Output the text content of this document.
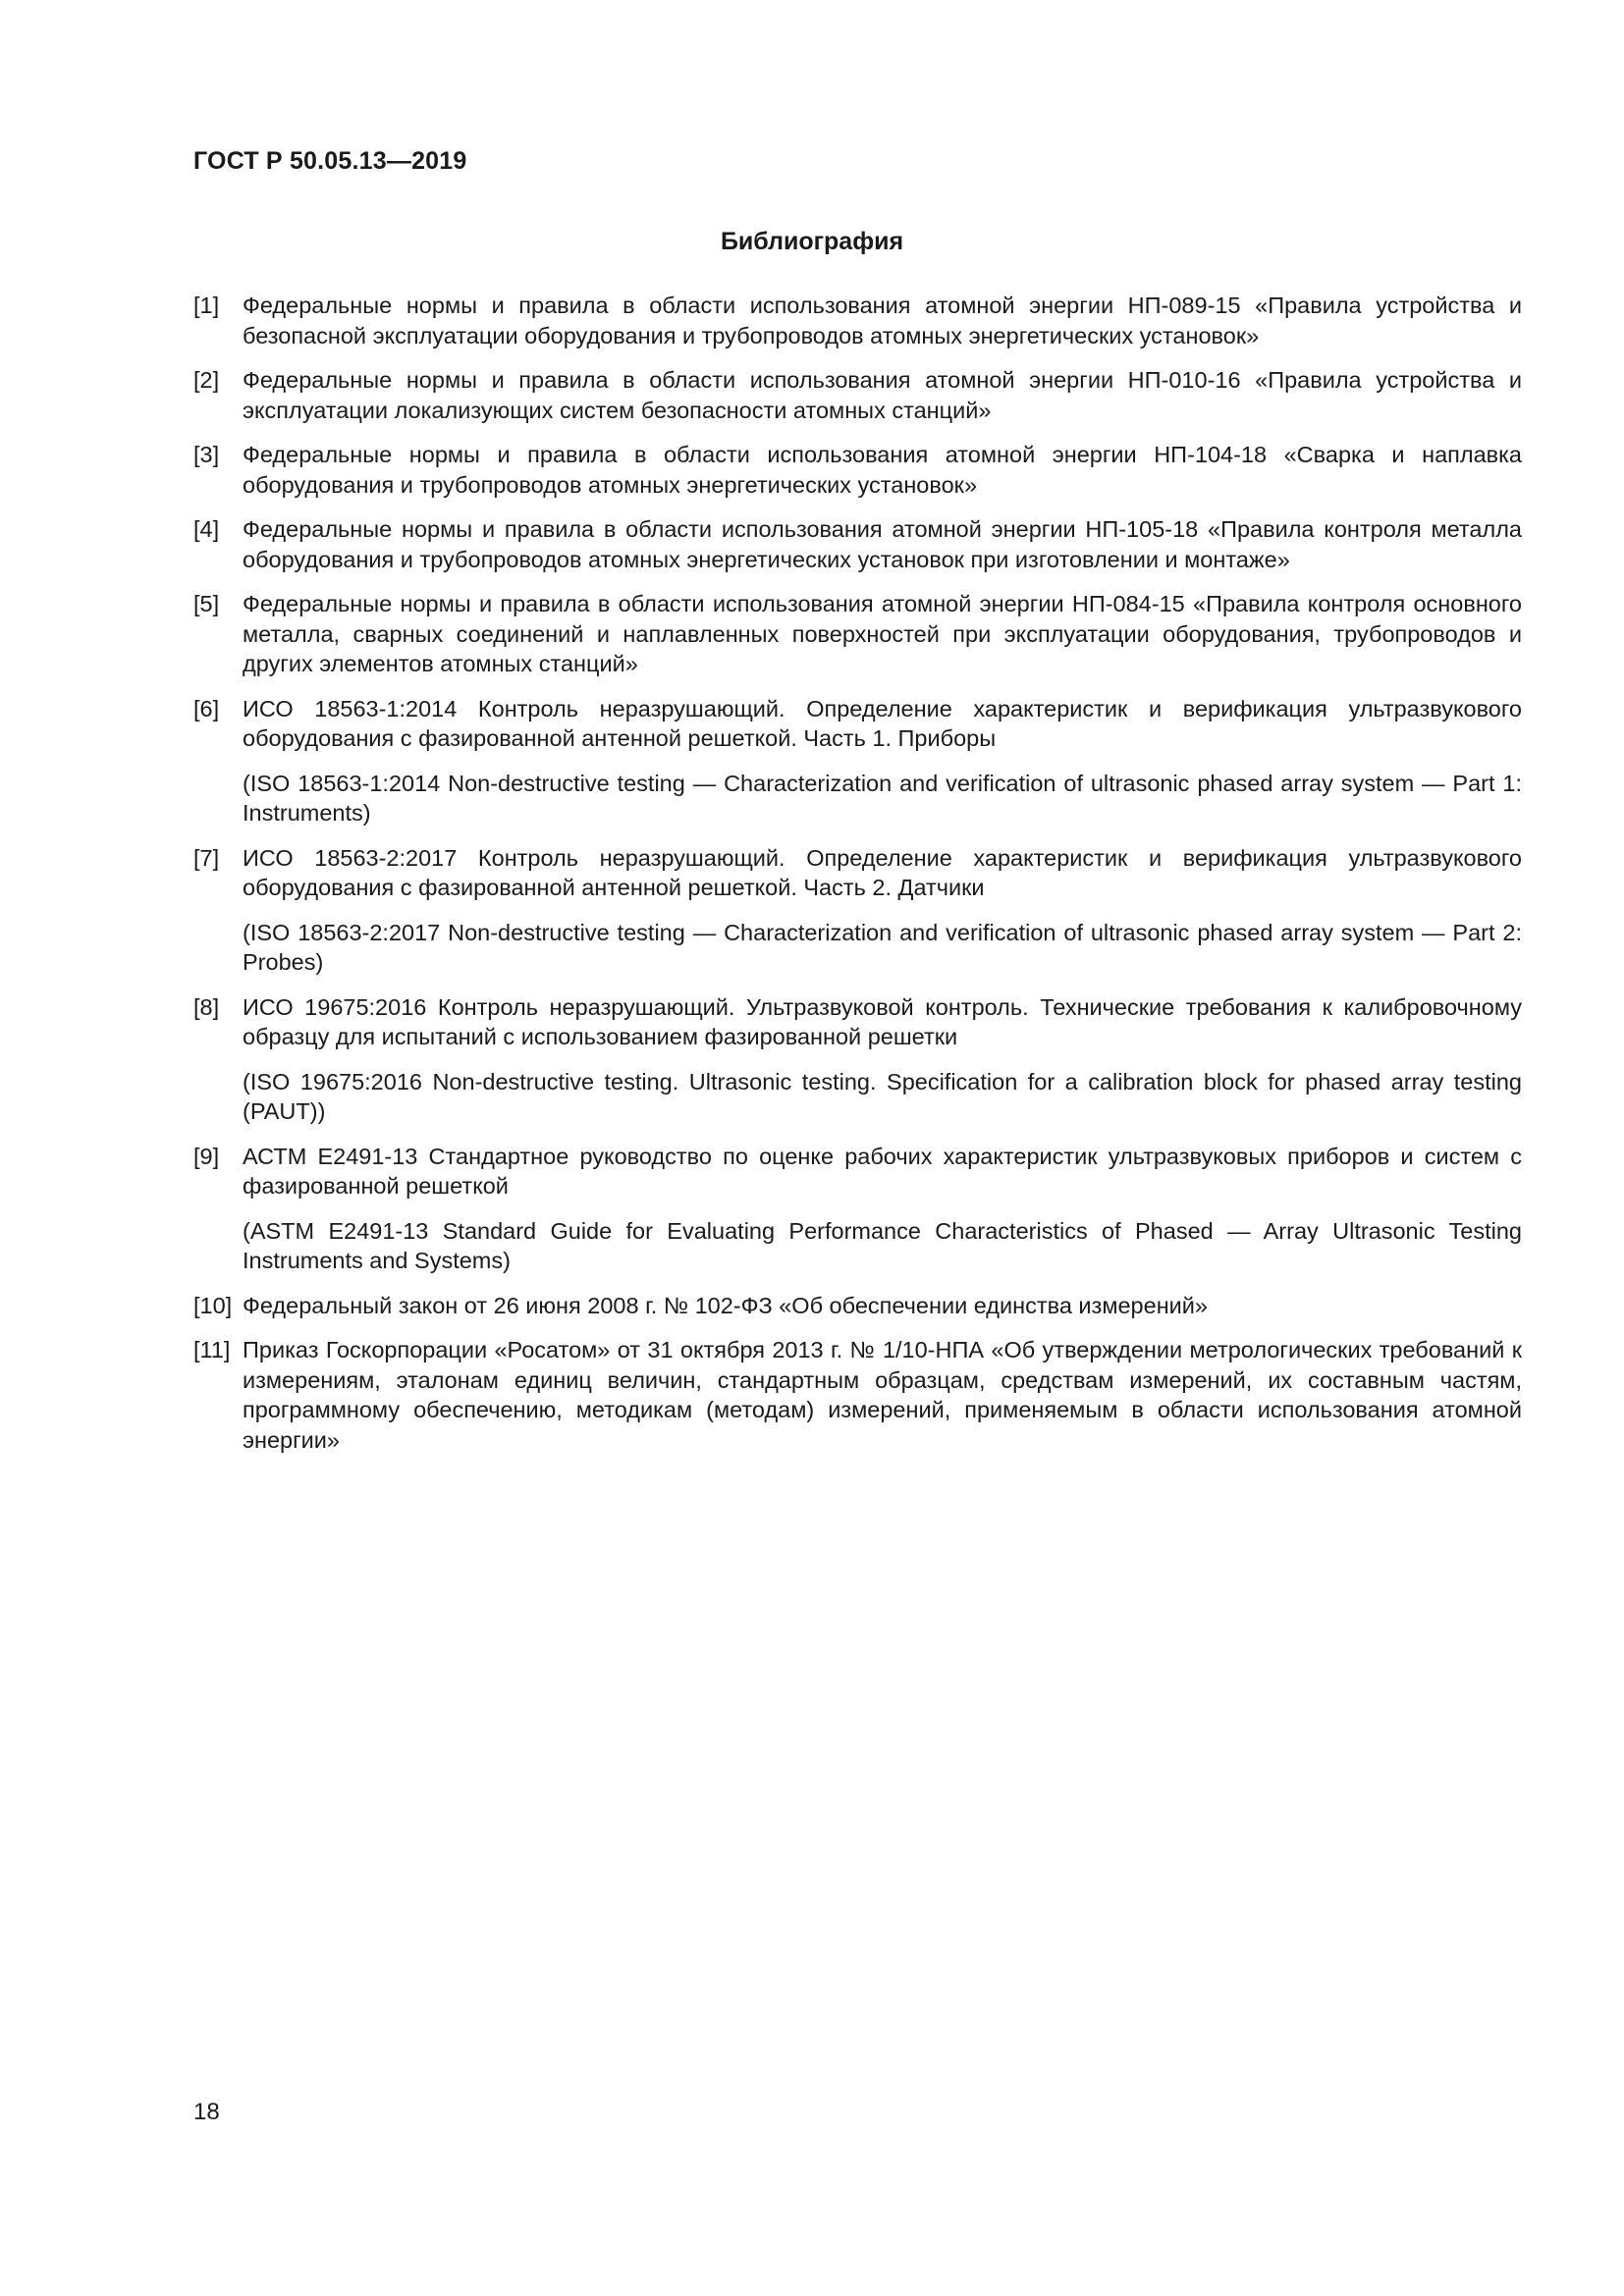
ГОСТ Р 50.05.13—2019
Библиография
[1] Федеральные нормы и правила в области использования атомной энергии НП-089-15 «Правила устройства и безопасной эксплуатации оборудования и трубопроводов атомных энергетических установок»

[2] Федеральные нормы и правила в области использования атомной энергии НП-010-16 «Правила устройства и эксплуатации локализующих систем безопасности атомных станций»

[3] Федеральные нормы и правила в области использования атомной энергии НП-104-18 «Сварка и наплавка оборудования и трубопроводов атомных энергетических установок»

[4] Федеральные нормы и правила в области использования атомной энергии НП-105-18 «Правила контроля металла оборудования и трубопроводов атомных энергетических установок при изготовлении и монтаже»

[5] Федеральные нормы и правила в области использования атомной энергии НП-084-15 «Правила контроля основного металла, сварных соединений и наплавленных поверхностей при эксплуатации оборудования, трубопроводов и других элементов атомных станций»

[6] ИСО 18563-1:2014 Контроль неразрушающий. Определение характеристик и верификация ультразвукового оборудования с фазированной антенной решеткой. Часть 1. Приборы

(ISO 18563-1:2014 Non-destructive testing — Characterization and verification of ultrasonic phased array system — Part 1: Instruments)

[7] ИСО 18563-2:2017 Контроль неразрушающий. Определение характеристик и верификация ультразвукового оборудования с фазированной антенной решеткой. Часть 2. Датчики

(ISO 18563-2:2017 Non-destructive testing — Characterization and verification of ultrasonic phased array system — Part 2: Probes)

[8] ИСО 19675:2016 Контроль неразрушающий. Ультразвуковой контроль. Технические требования к калибровочному образцу для испытаний с использованием фазированной решетки

(ISO 19675:2016 Non-destructive testing. Ultrasonic testing. Specification for a calibration block for phased array testing (PAUT))

[9] АСТМ Е2491-13 Стандартное руководство по оценке рабочих характеристик ультразвуковых приборов и систем с фазированной решеткой

(ASTM E2491-13 Standard Guide for Evaluating Performance Characteristics of Phased — Array Ultrasonic Testing Instruments and Systems)

[10] Федеральный закон от 26 июня 2008 г. № 102-ФЗ «Об обеспечении единства измерений»

[11] Приказ Госкорпорации «Росатом» от 31 октября 2013 г. № 1/10-НПА «Об утверждении метрологических требований к измерениям, эталонам единиц величин, стандартным образцам, средствам измерений, их составным частям, программному обеспечению, методикам (методам) измерений, применяемым в области использования атомной энергии»

18
